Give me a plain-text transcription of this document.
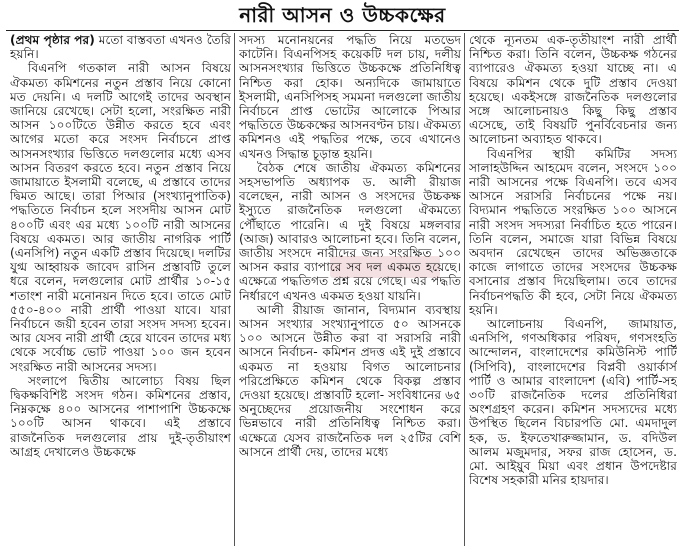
নারী আসন ও উচ্চকক্ষের

(প্রথম পৃষ্ঠার পর) মতো বাস্তবতা এখনও তৈরি হয়নি।

বিএনপি গতকাল নারী আসন বিষয়ে ঐকমত্য কমিশনের নতুন প্রস্তাব নিয়ে কোনো মত দেয়নি। এ দলটি আগেই তাদের অবস্থান জানিয়ে রেখেছে। সেটা হলো, সংরক্ষিত নারী আসন ১০০টিতে উন্নীত করতে হবে এবং আগের মতো করে সংসদ নির্বাচনে প্রাপ্ত আসনসংখ্যার ভিত্তিতে দলগুলোর মধ্যে এসব আসন বিতরণ করতে হবে। নতুন প্রস্তাব নিয়ে জামায়াতে ইসলামী বলেছে, এ প্রস্তাবে তাদের দ্বিমত আছে। তারা পিআর (সংখ্যানুপাতিক) পদ্ধতিতে নির্বাচন হলে সংসদীয় আসন মোট ৪০০টি এবং এর মধ্যে ১০০টি নারী আসনের বিষয়ে একমত। আর জাতীয় নাগরিক পার্টি (এনসিপি) নতুন একটি প্রস্তাব দিয়েছে। দলটির যুগ্ম আহ্বায়ক জাবেদ রাসিন প্রস্তাবটি তুলে ধরে বলেন, দলগুলোর মোট প্রার্থীর ১০-১৫ শতাংশ নারী মনোনয়ন দিতে হবে। তাতে মোট ৫৫০-৪০০ নারী প্রার্থী পাওয়া যাবে। যারা নির্বাচনে জয়ী হবেন তারা সংসদ সদস্য হবেন। আর যেসব নারী প্রার্থী হেরে যাবেন তাদের মধ্য থেকে সর্বোচ্চ ভোট পাওয়া ১০০ জন হবেন সংরক্ষিত নারী আসনের সদস্য।

সংলাপে দ্বিতীয় আলোচ্য বিষয় ছিল দ্বিকক্ষবিশিষ্ট সংসদ গঠন। কমিশনের প্রস্তাব, নিম্নকক্ষে ৪০০ আসনের পাশাপাশি উচ্চকক্ষে ১০০টি আসন থাকবে। এই প্রস্তাবে রাজনৈতিক দলগুলোর প্রায় দুই-তৃতীয়াংশ আগ্রহ দেখালেও উচ্চকক্ষে

সদস্য মনোনয়নের পদ্ধতি নিয়ে মতভেদ কাটেনি। বিএনপিসহ কয়েকটি দল চায়, দলীয় আসনসংখ্যার ভিত্তিতে উচ্চকক্ষে প্রতিনিধিত্ব নিশ্চিত করা হোক। অন্যদিকে জামায়াতে ইসলামী, এনসিপিসহ সমমনা দলগুলো জাতীয় নির্বাচনে প্রাপ্ত ভোটের আলোকে পিআর পদ্ধতিতে উচ্চকক্ষের আসনবণ্টন চায়। ঐকমত্য কমিশনও এই পদ্ধতির পক্ষে, তবে এখানেও এখনও সিদ্ধান্ত চূড়ান্ত হয়নি।

বৈঠক শেষে জাতীয় ঐকমত্য কমিশনের সহসভাপতি অধ্যাপক ড. আলী রীয়াজ বলেছেন, নারী আসন ও সংসদের উচ্চকক্ষ ইস্যুতে রাজনৈতিক দলগুলো ঐকমত্যে পৌঁছাতে পারেনি। এ দুই বিষয়ে মঙ্গলবার (আজ) আবারও আলোচনা হবে। তিনি বলেন, জাতীয় সংসদে নারীদের জন্য সংরক্ষিত ১০০ আসন করার ব্যাপারে সব দল একমত হয়েছে। এক্ষেত্রে পদ্ধতিগত প্রশ্ন রয়ে গেছে। এর পদ্ধতি নির্ধারণে এখনও একমত হওয়া যায়নি।

আলী রীয়াজ জানান, বিদ্যমান ব্যবস্থায় আসন সংখ্যার সংখ্যানুপাতে ৫০ আসনকে ১০০ আসনে উন্নীত করা বা সরাসরি নারী আসনে নির্বাচন- কমিশন প্রদত্ত এই দুই প্রস্তাবে একমত না হওয়ায় বিগত আলোচনার পরিপ্রেক্ষিতে কমিশন থেকে বিকল্প প্রস্তাব দেওয়া হয়েছে। প্রস্তাবটি হলো- সংবিধানের ৬৫ অনুচ্ছেদের প্রয়োজনীয় সংশোধন করে ভিন্নভাবে নারী প্রতিনিধিত্ব নিশ্চিত করা। এক্ষেত্রে যেসব রাজনৈতিক দল ২৫টির বেশি আসনে প্রার্থী দেয়, তাদের মধ্যে

থেকে ন্যূনতম এক-তৃতীয়াংশ নারী প্রার্থী নিশ্চিত করা। তিনি বলেন, উচ্চকক্ষ গঠনের ব্যাপারেও ঐকমত্য হওয়া যাচ্ছে না। এ বিষয়ে কমিশন থেকে দুটি প্রস্তাব দেওয়া হয়েছে। একইসঙ্গে রাজনৈতিক দলগুলোর সঙ্গে আলোচনায়ও কিছু কিছু প্রস্তাব এসেছে, তাই বিষয়টি পুনর্বিবেচনার জন্য আলোচনা অব্যাহত থাকবে।

বিএনপির স্থায়ী কমিটির সদস্য সালাহউদ্দিন আহমেদ বলেন, সংসদে ১০০ নারী আসনের পক্ষে বিএনপি। তবে এসব আসনে সরাসরি নির্বাচনের পক্ষে নয়। বিদ্যমান পদ্ধতিতে সংরক্ষিত ১০০ আসনে নারী সংসদ সদস্যরা নির্বাচিত হতে পারেন। তিনি বলেন, সমাজে যারা বিভিন্ন বিষয়ে অবদান রেখেছেন তাদের অভিজ্ঞতাকে কাজে লাগাতে তাদের সংসদের উচ্চকক্ষ বসানোর প্রস্তাব দিয়েছিলাম। তবে তাদের নির্বাচনপদ্ধতি কী হবে, সেটা নিয়ে ঐকমত্য হয়নি।

আলোচনায় বিএনপি, জামায়াত, এনসিপি, গণঅধিকার পরিষদ, গণসংহতি আন্দোলন, বাংলাদেশের কমিউনিস্ট পার্টি (সিপিবি), বাংলাদেশের বিপ্লবী ওয়ার্কার্স পার্টি ও আমার বাংলাদেশ (এবি) পার্টি-সহ ৩০টি রাজনৈতিক দলের প্রতিনিধিরা অংশগ্রহণ করেন। কমিশন সদস্যদের মধ্যে উপস্থিত ছিলেন বিচারপতি মো. এমদাদুল হক, ড. ইফতেখারুজ্জামান, ড. বদিউল আলম মজুমদার, সফর রাজ হোসেন, ড. মো. আইয়ুব মিয়া এবং প্রধান উপদেষ্টার বিশেষ সহকারী মনির হায়দার।
